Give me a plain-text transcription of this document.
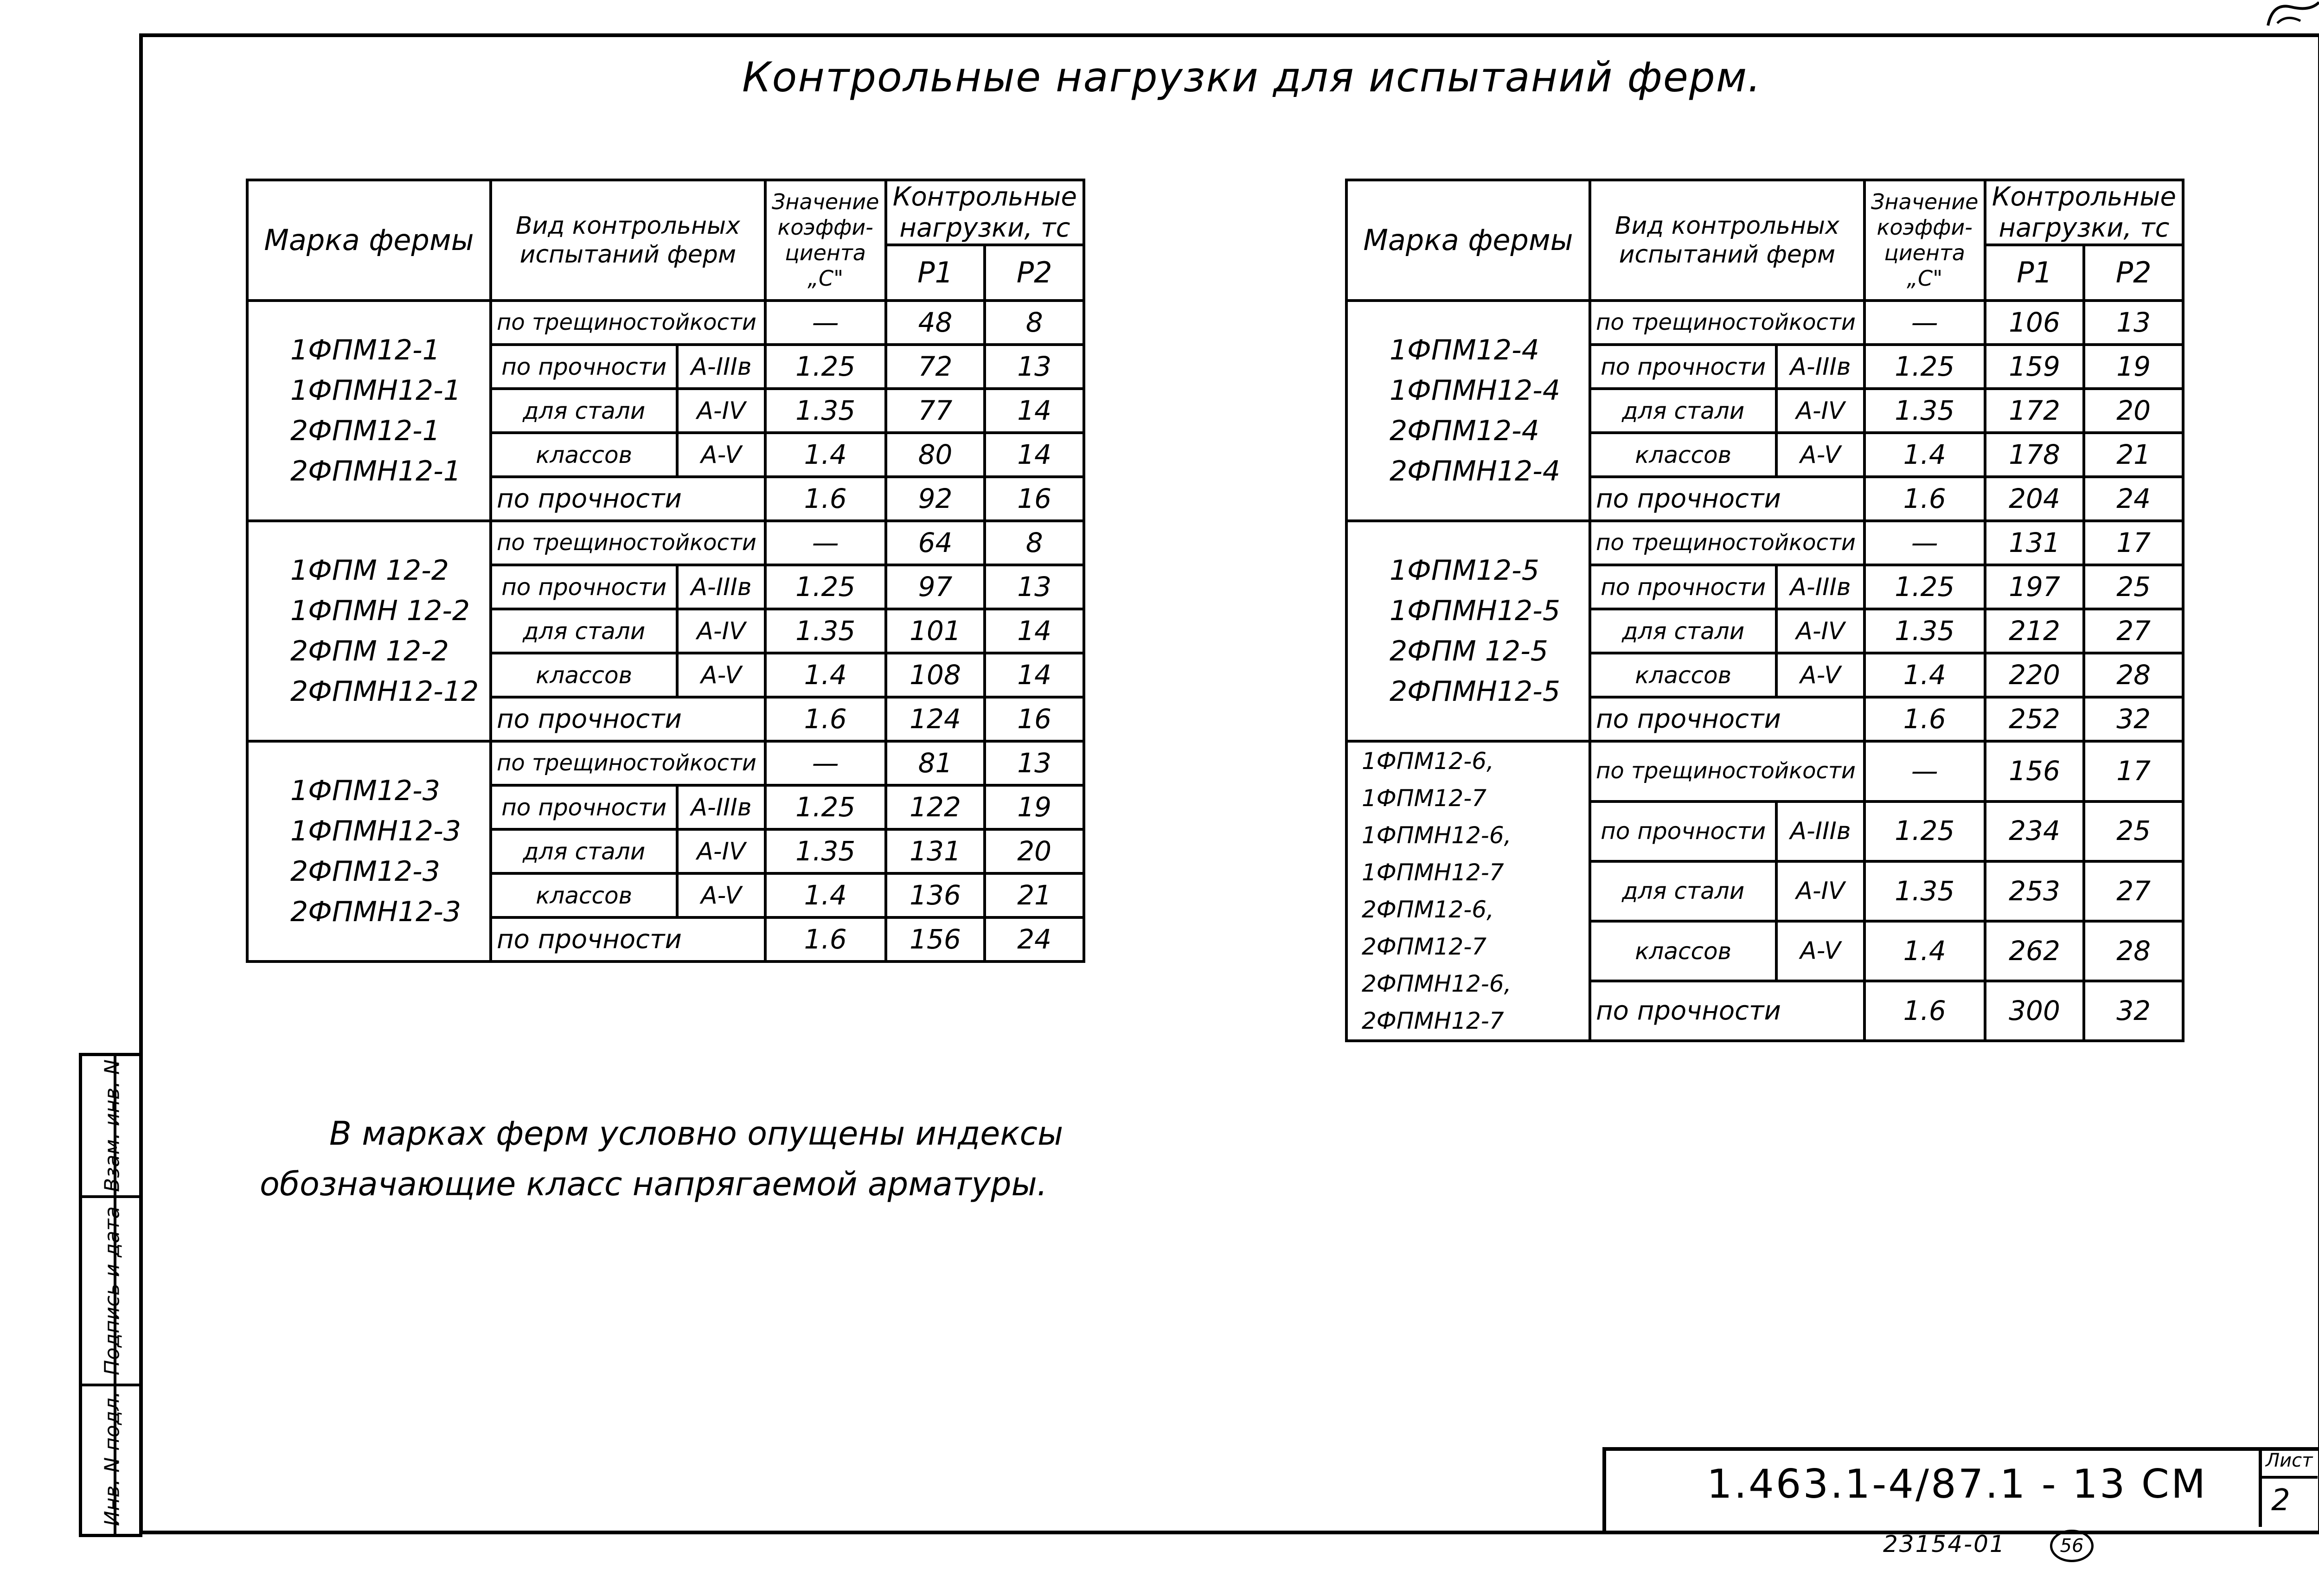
Взам. инв. N
Подпись и дата
Инв. N подл.
Контрольные нагрузки для испытаний ферм.
Марка фермы	Вид контрольных испытаний ферм		Значение коэффи- циента „C"	Контрольные нагрузки, тс	
				P1	P2

1ФПМ12-1
1ФПМН12-1
2ФПМ12-1
2ФПМН12-1	по трещиностойкости		—	48	8
	по прочности	A-IIIв	1.25	72	13
	для стали	A-IV	1.35	77	14
	классов	A-V	1.4	80	14
	по прочности		1.6	92	16

1ФПМ 12-2
1ФПМН 12-2
2ФПМ 12-2
2ФПМН12-12	по трещиностойкости		—	64	8
	по прочности	A-IIIв	1.25	97	13
	для стали	A-IV	1.35	101	14
	классов	A-V	1.4	108	14
	по прочности		1.6	124	16

1ФПМ12-3
1ФПМН12-3
2ФПМ12-3
2ФПМН12-3	по трещиностойкости		—	81	13
	по прочности	A-IIIв	1.25	122	19
	для стали	A-IV	1.35	131	20
	классов	A-V	1.4	136	21
	по прочности		1.6	156	24
Марка фермы	Вид контрольных испытаний ферм		Значение коэффи- циента „C"	Контрольные нагрузки, тс	
				P1	P2

1ФПМ12-4
1ФПМН12-4
2ФПМ12-4
2ФПМН12-4	по трещиностойкости		—	106	13
	по прочности	A-IIIв	1.25	159	19
	для стали	A-IV	1.35	172	20
	классов	A-V	1.4	178	21
	по прочности		1.6	204	24

1ФПМ12-5
1ФПМН12-5
2ФПМ 12-5
2ФПМН12-5	по трещиностойкости		—	131	17
	по прочности	A-IIIв	1.25	197	25
	для стали	A-IV	1.35	212	27
	классов	A-V	1.4	220	28
	по прочности		1.6	252	32

1ФПМ12-6, 1ФПМ12-7
1ФПМН12-6, 1ФПМН12-7
2ФПМ12-6, 2ФПМ12-7
2ФПМН12-6, 2ФПМН12-7	по трещиностойкости		—	156	17
	по прочности	A-IIIв	1.25	234	25
	для стали	A-IV	1.35	253	27
	классов	A-V	1.4	262	28
	по прочности		1.6	300	32
В марках ферм условно опущены индексы
обозначающие класс напрягаемой арматуры.
1.463.1-4/87.1 - 13 СМ
Лист
2
23154-01	56
